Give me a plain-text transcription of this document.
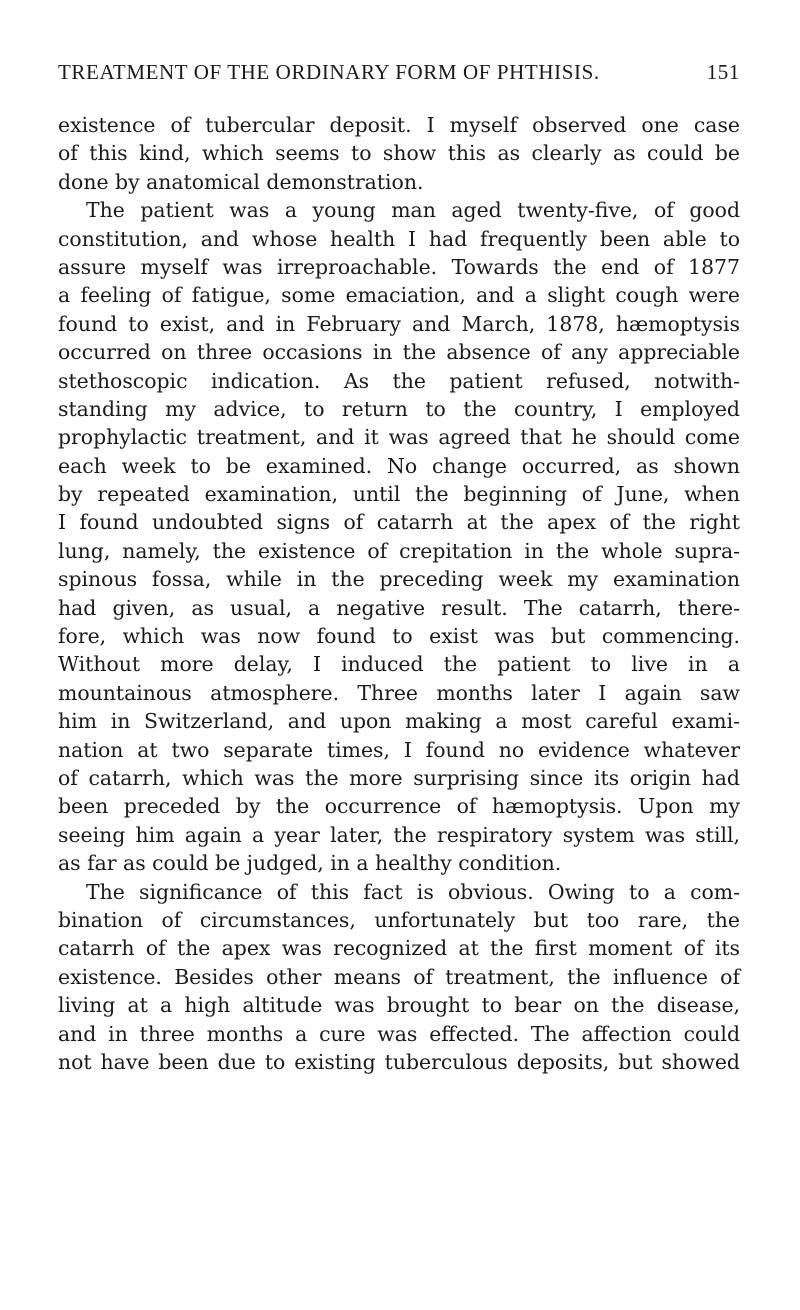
TREATMENT OF THE ORDINARY FORM OF PHTHISIS.	151
existence of tubercular deposit. I myself observed one case
of this kind, which seems to show this as clearly as could be
done by anatomical demonstration.
The patient was a young man aged twenty-five, of good
constitution, and whose health I had frequently been able to
assure myself was irreproachable. Towards the end of 1877
a feeling of fatigue, some emaciation, and a slight cough were
found to exist, and in February and March, 1878, hæmoptysis
occurred on three occasions in the absence of any appreciable
stethoscopic indication. As the patient refused, notwith-
standing my advice, to return to the country, I employed
prophylactic treatment, and it was agreed that he should come
each week to be examined. No change occurred, as shown
by repeated examination, until the beginning of June, when
I found undoubted signs of catarrh at the apex of the right
lung, namely, the existence of crepitation in the whole supra-
spinous fossa, while in the preceding week my examination
had given, as usual, a negative result. The catarrh, there-
fore, which was now found to exist was but commencing.
Without more delay, I induced the patient to live in a
mountainous atmosphere. Three months later I again saw
him in Switzerland, and upon making a most careful exami-
nation at two separate times, I found no evidence whatever
of catarrh, which was the more surprising since its origin had
been preceded by the occurrence of hæmoptysis. Upon my
seeing him again a year later, the respiratory system was still,
as far as could be judged, in a healthy condition.
The significance of this fact is obvious. Owing to a com-
bination of circumstances, unfortunately but too rare, the
catarrh of the apex was recognized at the first moment of its
existence. Besides other means of treatment, the influence of
living at a high altitude was brought to bear on the disease,
and in three months a cure was effected. The affection could
not have been due to existing tuberculous deposits, but showed
